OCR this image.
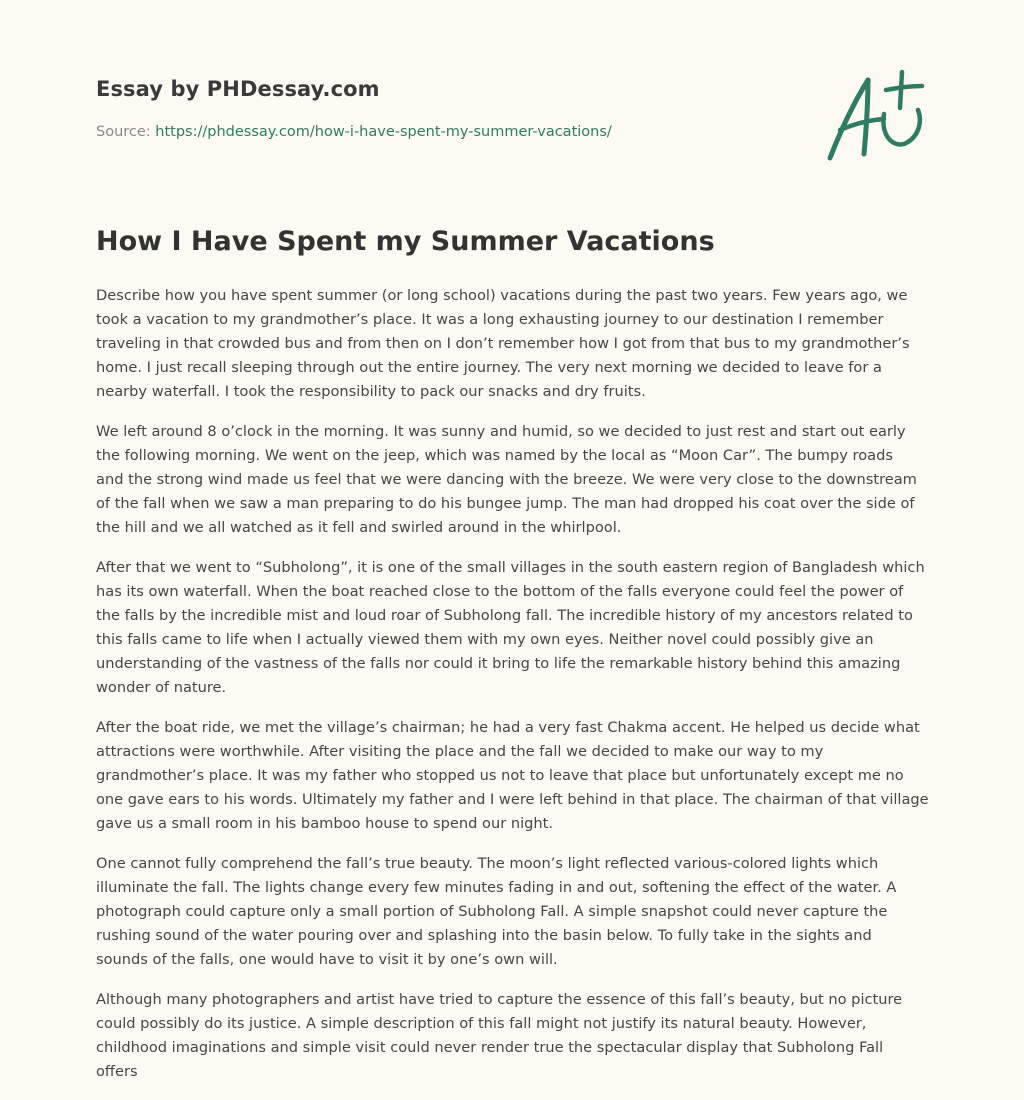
Essay by PHDessay.com
Source: https://phdessay.com/how-i-have-spent-my-summer-vacations/
How I Have Spent my Summer Vacations

Describe how you have spent summer (or long school) vacations during the past two years. Few years ago, we
took a vacation to my grandmother’s place. It was a long exhausting journey to our destination I remember
traveling in that crowded bus and from then on I don’t remember how I got from that bus to my grandmother’s
home. I just recall sleeping through out the entire journey. The very next morning we decided to leave for a
nearby waterfall. I took the responsibility to pack our snacks and dry fruits.

We left around 8 o’clock in the morning. It was sunny and humid, so we decided to just rest and start out early
the following morning. We went on the jeep, which was named by the local as “Moon Car”. The bumpy roads
and the strong wind made us feel that we were dancing with the breeze. We were very close to the downstream
of the fall when we saw a man preparing to do his bungee jump. The man had dropped his coat over the side of
the hill and we all watched as it fell and swirled around in the whirlpool.

After that we went to “Subholong”, it is one of the small villages in the south eastern region of Bangladesh which
has its own waterfall. When the boat reached close to the bottom of the falls everyone could feel the power of
the falls by the incredible mist and loud roar of Subholong fall. The incredible history of my ancestors related to
this falls came to life when I actually viewed them with my own eyes. Neither novel could possibly give an
understanding of the vastness of the falls nor could it bring to life the remarkable history behind this amazing
wonder of nature.

After the boat ride, we met the village’s chairman; he had a very fast Chakma accent. He helped us decide what
attractions were worthwhile. After visiting the place and the fall we decided to make our way to my
grandmother’s place. It was my father who stopped us not to leave that place but unfortunately except me no
one gave ears to his words. Ultimately my father and I were left behind in that place. The chairman of that village
gave us a small room in his bamboo house to spend our night.

One cannot fully comprehend the fall’s true beauty. The moon’s light reflected various-colored lights which
illuminate the fall. The lights change every few minutes fading in and out, softening the effect of the water. A
photograph could capture only a small portion of Subholong Fall. A simple snapshot could never capture the
rushing sound of the water pouring over and splashing into the basin below. To fully take in the sights and
sounds of the falls, one would have to visit it by one’s own will.

Although many photographers and artist have tried to capture the essence of this fall’s beauty, but no picture
could possibly do its justice. A simple description of this fall might not justify its natural beauty. However,
childhood imaginations and simple visit could never render true the spectacular display that Subholong Fall
offers
